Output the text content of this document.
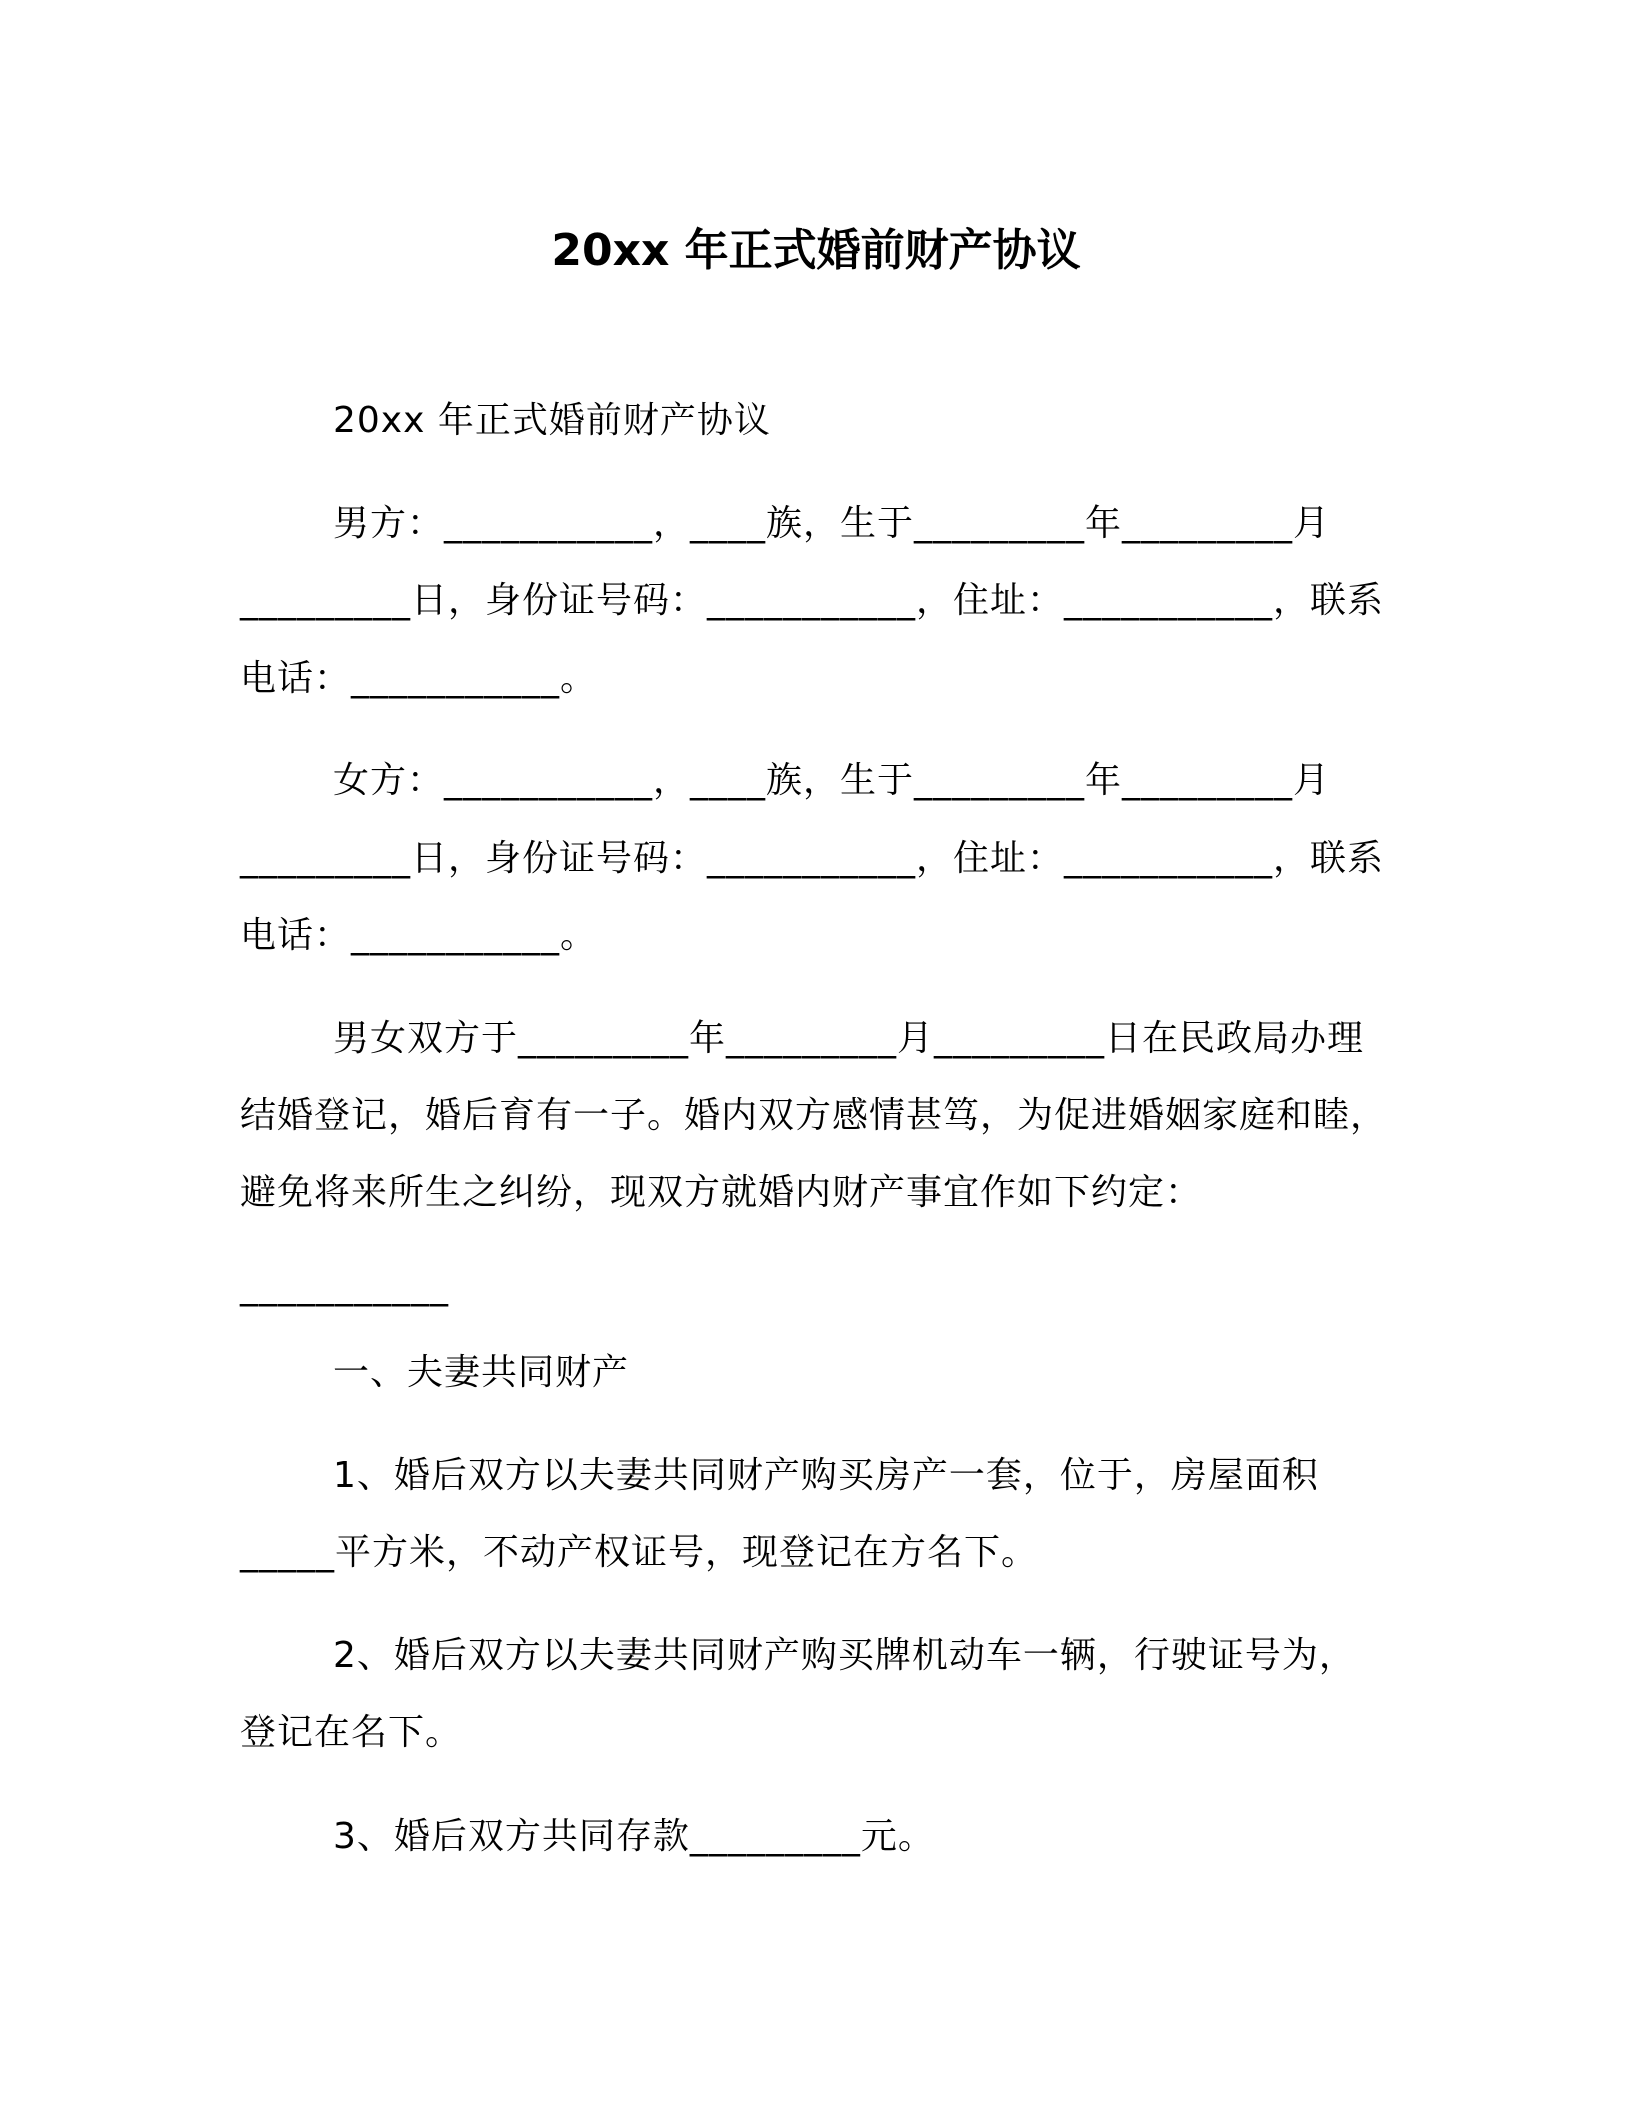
20xx 年正式婚前财产协议
20xx 年正式婚前财产协议
男方：___________，____族，生于_________年_________月
_________日，身份证号码：___________，住址：___________，联系
电话：___________。
女方：___________，____族，生于_________年_________月
_________日，身份证号码：___________，住址：___________，联系
电话：___________。
男女双方于_________年_________月_________日在民政局办理
结婚登记，婚后育有一子。婚内双方感情甚笃，为促进婚姻家庭和睦，
避免将来所生之纠纷，现双方就婚内财产事宜作如下约定：
___________
一、夫妻共同财产
1、婚后双方以夫妻共同财产购买房产一套，位于，房屋面积
_____平方米，不动产权证号，现登记在方名下。
2、婚后双方以夫妻共同财产购买牌机动车一辆，行驶证号为，
登记在名下。
3、婚后双方共同存款_________元。
